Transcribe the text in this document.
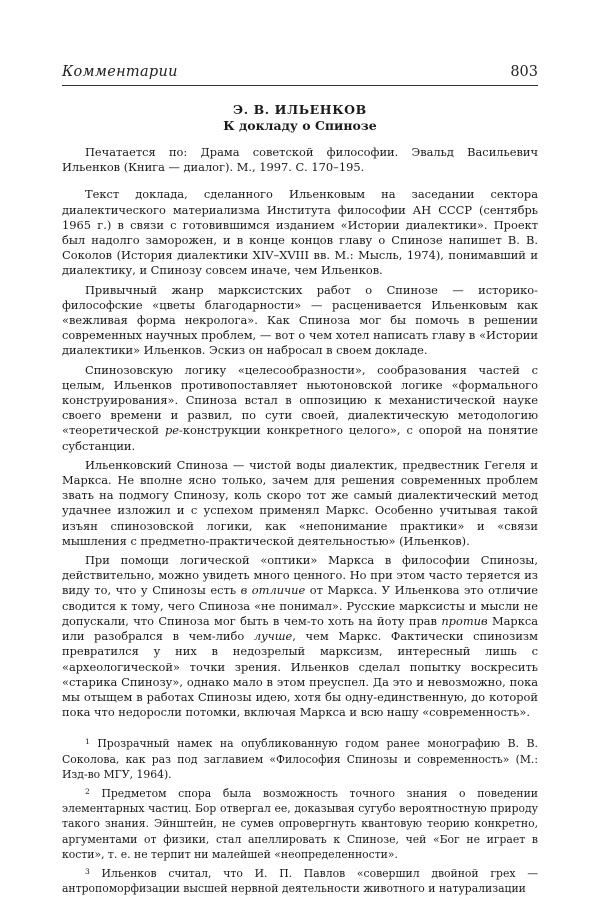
Комментарии	803
Э. В. ИЛЬЕНКОВ
К докладу о Спинозе

Печатается по: Драма советской философии. Эвальд Васильевич Ильенков (Книга — диалог). М., 1997. С. 170–195.

Текст доклада, сделанного Ильенковым на заседании сектора диалектического материализма Института философии АН СССР (сентябрь 1965 г.) в связи с готовившимся изданием «Истории диалектики». Проект был надолго заморожен, и в конце концов главу о Спинозе напишет В. В. Соколов (История диалектики XIV–XVIII вв. М.: Мысль, 1974), понимавший и диалектику, и Спинозу совсем иначе, чем Ильенков.

Привычный жанр марксистских работ о Спинозе — историко-философские «цветы благодарности» — расценивается Ильенковым как «вежливая форма некролога». Как Спиноза мог бы помочь в решении современных научных проблем, — вот о чем хотел написать главу в «Истории диалектики» Ильенков. Эскиз он набросал в своем докладе.

Спинозовскую логику «целесообразности», сообразования частей с целым, Ильенков противопоставляет ньютоновской логике «формального конструирования». Спиноза встал в оппозицию к механистической науке своего времени и развил, по сути своей, диалектическую методологию «теоретической ре-конструкции конкретного целого», с опорой на понятие субстанции.

Ильенковский Спиноза — чистой воды диалектик, предвестник Гегеля и Маркса. Не вполне ясно только, зачем для решения современных проблем звать на подмогу Спинозу, коль скоро тот же самый диалектический метод удачнее изложил и с успехом применял Маркс. Особенно учитывая такой изъян спинозовской логики, как «непонимание практики» и «связи мышления с предметно-практической деятельностью» (Ильенков).

При помощи логической «оптики» Маркса в философии Спинозы, действительно, можно увидеть много ценного. Но при этом часто теряется из виду то, что у Спинозы есть в отличие от Маркса. У Ильенкова это отличие сводится к тому, чего Спиноза «не понимал». Русские марксисты и мысли не допускали, что Спиноза мог быть в чем-то хоть на йоту прав против Маркса или разобрался в чем-либо лучше, чем Маркс. Фактически спинозизм превратился у них в недозрелый марксизм, интересный лишь с «археологической» точки зрения. Ильенков сделал попытку воскресить «старика Спинозу», однако мало в этом преуспел. Да это и невозможно, пока мы отыщем в работах Спинозы идею, хотя бы одну-единственную, до которой пока что недоросли потомки, включая Маркса и всю нашу «современность».

$^1$ Прозрачный намек на опубликованную годом ранее монографию В. В. Соколова, как раз под заглавием «Философия Спинозы и современность» (М.: Изд-во МГУ, 1964).

$^2$ Предметом спора была возможность точного знания о поведении элементарных частиц. Бор отвергал ее, доказывая сугубо вероятностную природу такого знания. Эйнштейн, не сумев опровергнуть квантовую теорию конкретно, аргументами от физики, стал апеллировать к Спинозе, чей «Бог не играет в кости», т. е. не терпит ни малейшей «неопределенности».

$^3$ Ильенков считал, что И. П. Павлов «совершил двойной грех — антропоморфизации высшей нервной деятельности животного и натурализации
